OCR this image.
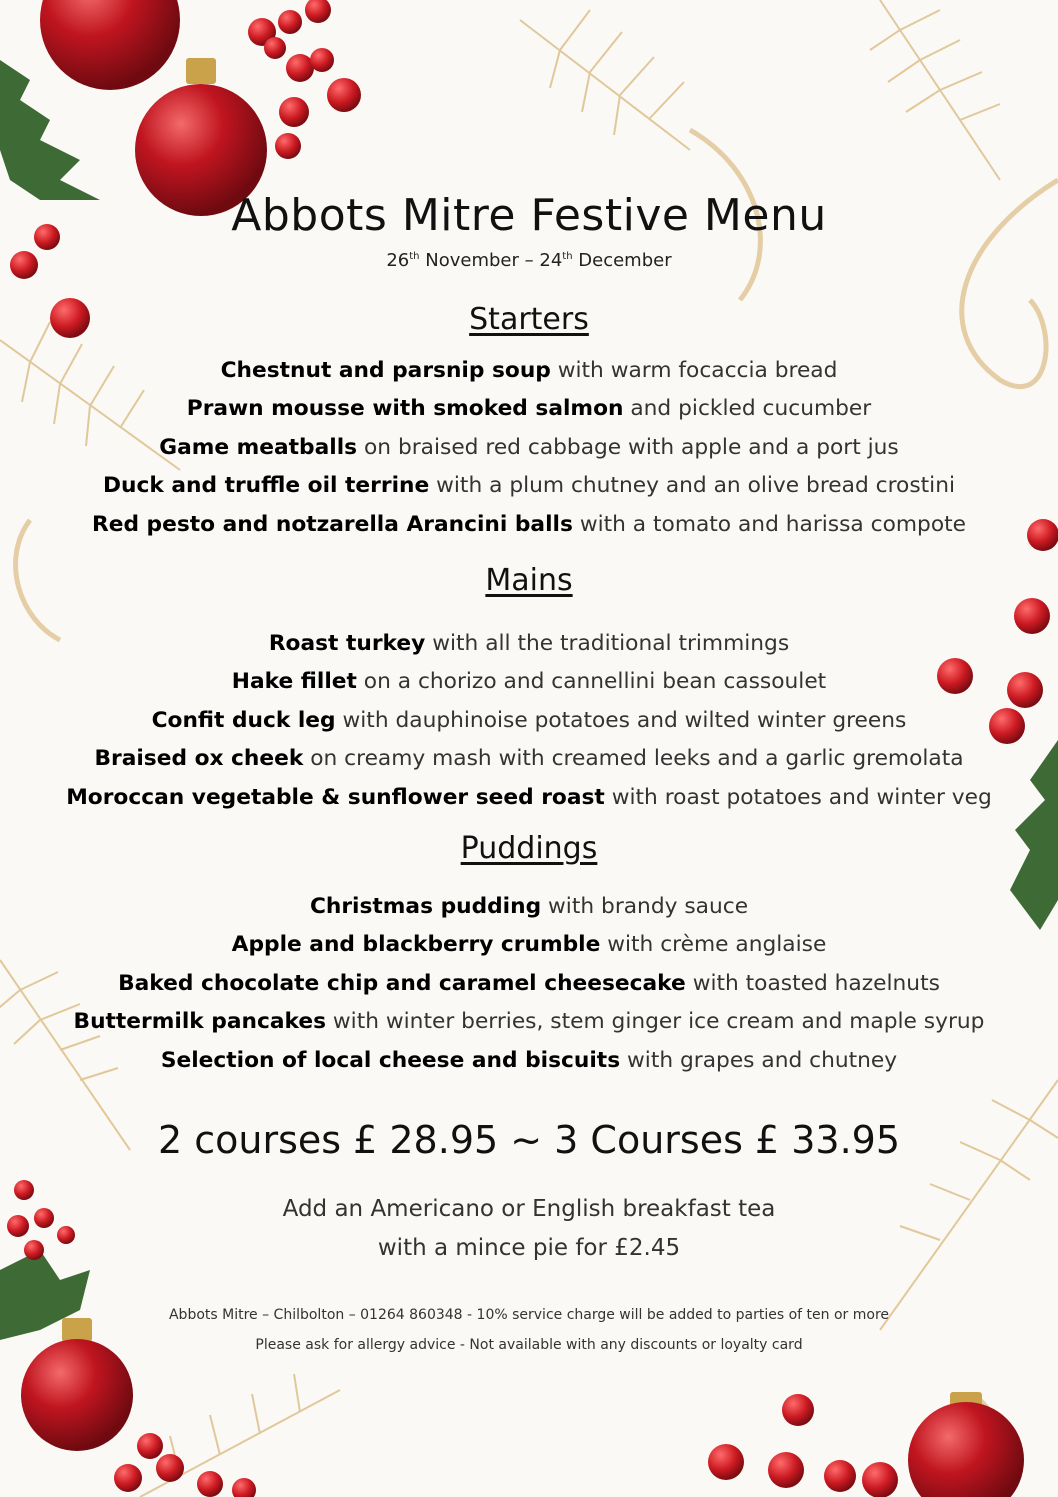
Abbots Mitre Festive Menu
26th November – 24th December
Starters
Chestnut and parsnip soup with warm focaccia bread
Prawn mousse with smoked salmon and pickled cucumber
Game meatballs on braised red cabbage with apple and a port jus
Duck and truffle oil terrine with a plum chutney and an olive bread crostini
Red pesto and notzarella Arancini balls with a tomato and harissa compote
Mains
Roast turkey with all the traditional trimmings
Hake fillet on a chorizo and cannellini bean cassoulet
Confit duck leg with dauphinoise potatoes and wilted winter greens
Braised ox cheek on creamy mash with creamed leeks and a garlic gremolata
Moroccan vegetable & sunflower seed roast with roast potatoes and winter veg
Puddings
Christmas pudding with brandy sauce
Apple and blackberry crumble with crème anglaise
Baked chocolate chip and caramel cheesecake with toasted hazelnuts
Buttermilk pancakes with winter berries, stem ginger ice cream and maple syrup
Selection of local cheese and biscuits with grapes and chutney
2 courses £ 28.95 ~ 3 Courses £ 33.95
Add an Americano or English breakfast tea
with a mince pie for £2.45
Abbots Mitre – Chilbolton – 01264 860348 - 10% service charge will be added to parties of ten or more
Please ask for allergy advice - Not available with any discounts or loyalty card
